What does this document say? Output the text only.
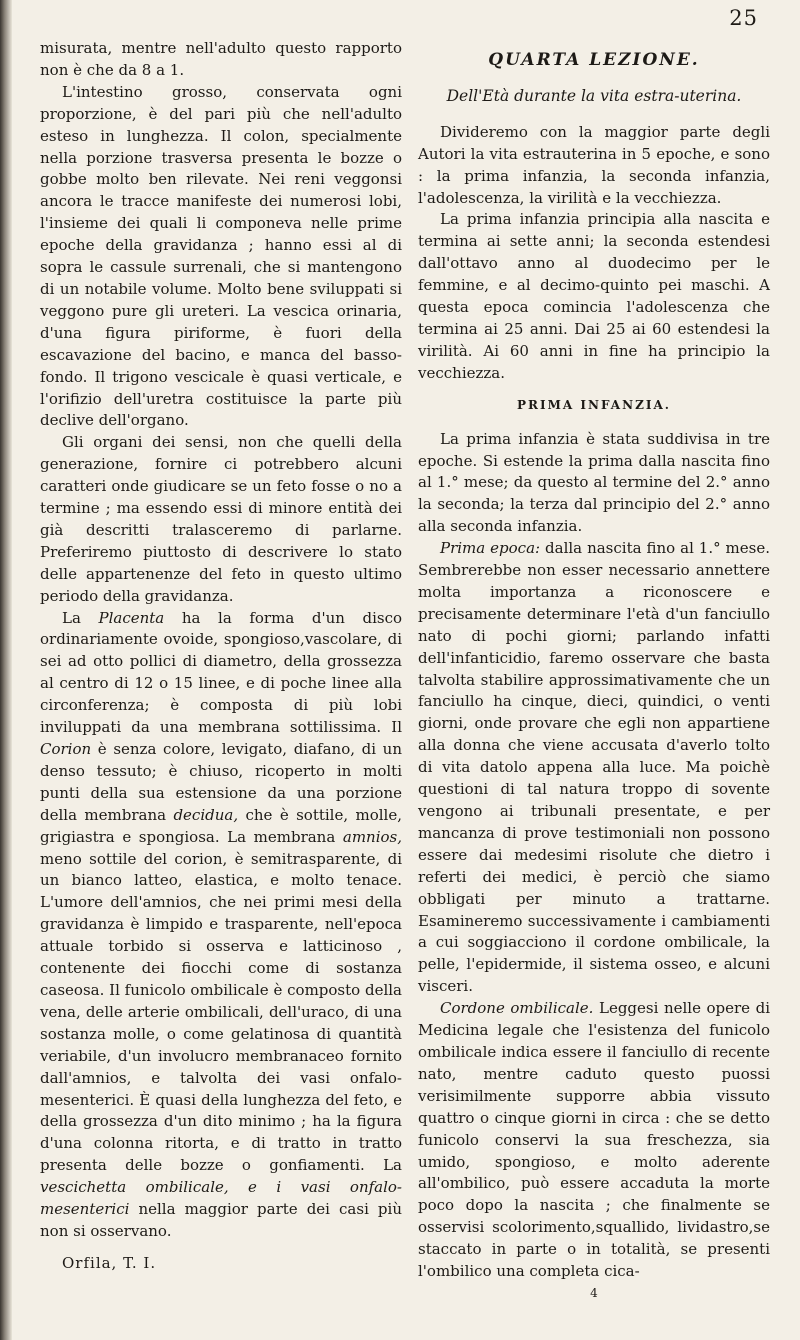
25

misurata, mentre nell'adulto questo rapporto non è che da 8 a 1.

L'intestino grosso, conservata ogni proporzione, è del pari più che nell'adulto esteso in lunghezza. Il colon, specialmente nella porzione trasversa presenta le bozze o gobbe molto ben rilevate. Nei reni veggonsi ancora le tracce manifeste dei numerosi lobi, l'insieme dei quali li componeva nelle prime epoche della gravidanza ; hanno essi al di sopra le cassule surrenali, che si mantengono di un notabile volume. Molto bene sviluppati si veggono pure gli ureteri. La vescica orinaria, d'una figura piriforme, è fuori della escavazione del bacino, e manca del basso-fondo. Il trigono vescicale è quasi verticale, e l'orifizio dell'uretra costituisce la parte più declive dell'organo.

Gli organi dei sensi, non che quelli della generazione, fornire ci potrebbero alcuni caratteri onde giudicare se un feto fosse o no a termine ; ma essendo essi di minore entità dei già descritti tralasceremo di parlarne. Preferiremo piuttosto di descrivere lo stato delle appartenenze del feto in questo ultimo periodo della gravidanza.

La Placenta ha la forma d'un disco ordinariamente ovoide, spongioso,vascolare, di sei ad otto pollici di diametro, della grossezza al centro di 12 o 15 linee, e di poche linee alla circonferenza; è composta di più lobi inviluppati da una membrana sottilissima. Il Corion è senza colore, levigato, diafano, di un denso tessuto; è chiuso, ricoperto in molti punti della sua estensione da una porzione della membrana decidua, che è sottile, molle, grigiastra e spongiosa. La membrana amnios, meno sottile del corion, è semitrasparente, di un bianco latteo, elastica, e molto tenace. L'umore dell'amnios, che nei primi mesi della gravidanza è limpido e trasparente, nell'epoca attuale torbido si osserva e latticinoso , contenente dei fiocchi come di sostanza caseosa. Il funicolo ombilicale è composto della vena, delle arterie ombilicali, dell'uraco, di una sostanza molle, o come gelatinosa di quantità veriabile, d'un involucro membranaceo fornito dall'amnios, e talvolta dei vasi onfalo-mesenterici. È quasi della lunghezza del feto, e della grossezza d'un dito minimo ; ha la figura d'una colonna ritorta, e di tratto in tratto presenta delle bozze o gonfiamenti. La vescichetta ombilicale, e i vasi onfalo-mesenterici nella maggior parte dei casi più non si osservano.

Orfila, T. I.
QUARTA LEZIONE.
Dell'Età durante la vita estra-uterina.

Divideremo con la maggior parte degli Autori la vita estrauterina in 5 epoche, e sono : la prima infanzia, la seconda infanzia, l'adolescenza, la virilità e la vecchiezza.

La prima infanzia principia alla nascita e termina ai sette anni; la seconda estendesi dall'ottavo anno al duodecimo per le femmine, e al decimo-quinto pei maschi. A questa epoca comincia l'adolescenza che termina ai 25 anni. Dai 25 ai 60 estendesi la virilità. Ai 60 anni in fine ha principio la vecchiezza.

PRIMA INFANZIA.

La prima infanzia è stata suddivisa in tre epoche. Si estende la prima dalla nascita fino al 1.° mese; da questo al termine del 2.° anno la seconda; la terza dal principio del 2.° anno alla seconda infanzia.

Prima epoca: dalla nascita fino al 1.° mese. Sembrerebbe non esser necessario annettere molta importanza a riconoscere e precisamente determinare l'età d'un fanciullo nato di pochi giorni; parlando infatti dell'infanticidio, faremo osservare che basta talvolta stabilire approssimativamente che un fanciullo ha cinque, dieci, quindici, o venti giorni, onde provare che egli non appartiene alla donna che viene accusata d'averlo tolto di vita datolo appena alla luce. Ma poichè questioni di tal natura troppo di sovente vengono ai tribunali presentate, e per mancanza di prove testimoniali non possono essere dai medesimi risolute che dietro i referti dei medici, è perciò che siamo obbligati per minuto a trattarne. Esamineremo successivamente i cambiamenti a cui soggiacciono il cordone ombilicale, la pelle, l'epidermide, il sistema osseo, e alcuni visceri.

Cordone ombilicale. Leggesi nelle opere di Medicina legale che l'esistenza del funicolo ombilicale indica essere il fanciullo di recente nato, mentre caduto questo puossi verisimilmente supporre abbia vissuto quattro o cinque giorni in circa : che se detto funicolo conservi la sua freschezza, sia umido, spongioso, e molto aderente all'ombilico, può essere accaduta la morte poco dopo la nascita ; che finalmente se osservisi scolorimento,squallido, lividastro,se staccato in parte o in totalità, se presenti l'ombilico una completa cica-

4
